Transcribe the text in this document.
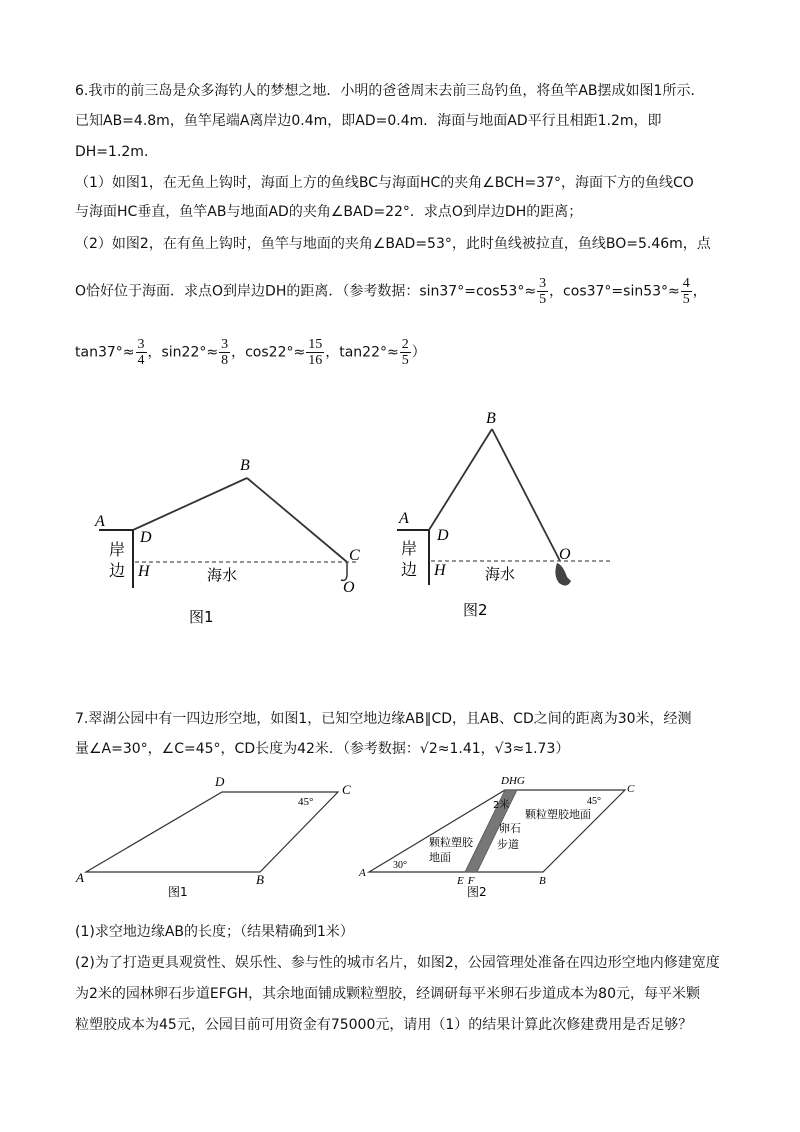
6.我市的前三岛是众多海钓人的梦想之地．小明的爸爸周末去前三岛钓鱼，将鱼竿AB摆成如图1所示．
已知AB=4.8m，鱼竿尾端A离岸边0.4m，即AD=0.4m．海面与地面AD平行且相距1.2m，即
DH=1.2m．
（1）如图1，在无鱼上钩时，海面上方的鱼线BC与海面HC的夹角∠BCH=37°，海面下方的鱼线CO
与海面HC垂直，鱼竿AB与地面AD的夹角∠BAD=22°．求点O到岸边DH的距离；
（2）如图2，在有鱼上钩时，鱼竿与地面的夹角∠BAD=53°，此时鱼线被拉直，鱼线BO=5.46m，点
O恰好位于海面．求点O到岸边DH的距离．（参考数据：$\sin 37^\circ=\cos 53^\circ\approx \frac{3}{5}$ ，$\cos 37^\circ=\sin 53^\circ\approx \frac{4}{5}$ ，
$\tan 37^\circ\approx \frac{3}{4}$ ，$\sin 22^\circ\approx \frac{3}{8}$ ，$\cos 22^\circ\approx \frac{15}{16}$ ，$\tan 22^\circ\approx \frac{2}{5}$ ）
A
B
C
D
H
O
岸
边	海水
图1
A
B
D
H
O
岸
边	海水
图2
7.翠湖公园中有一四边形空地，如图1，已知空地边缘AB∥CD，且AB、CD之间的距离为30米，经测
量∠A=30°，∠C=45°，CD长度为42米．（参考数据：√2≈1.41，√3≈1.73）
A	B
C
D
45°
图1
A
B
C
DHG
E F
45°
30°
2米
颗粒塑胶地面
卵石
步道
颗粒塑胶
地面
图2
(1)求空地边缘AB的长度；（结果精确到1米）
(2)为了打造更具观赏性、娱乐性、参与性的城市名片，如图2，公园管理处准备在四边形空地内修建宽度
为2米的园林卵石步道EFGH，其余地面铺成颗粒塑胶，经调研每平米卵石步道成本为80元，每平米颗
粒塑胶成本为45元，公园目前可用资金有75000元，请用（1）的结果计算此次修建费用是否足够？
